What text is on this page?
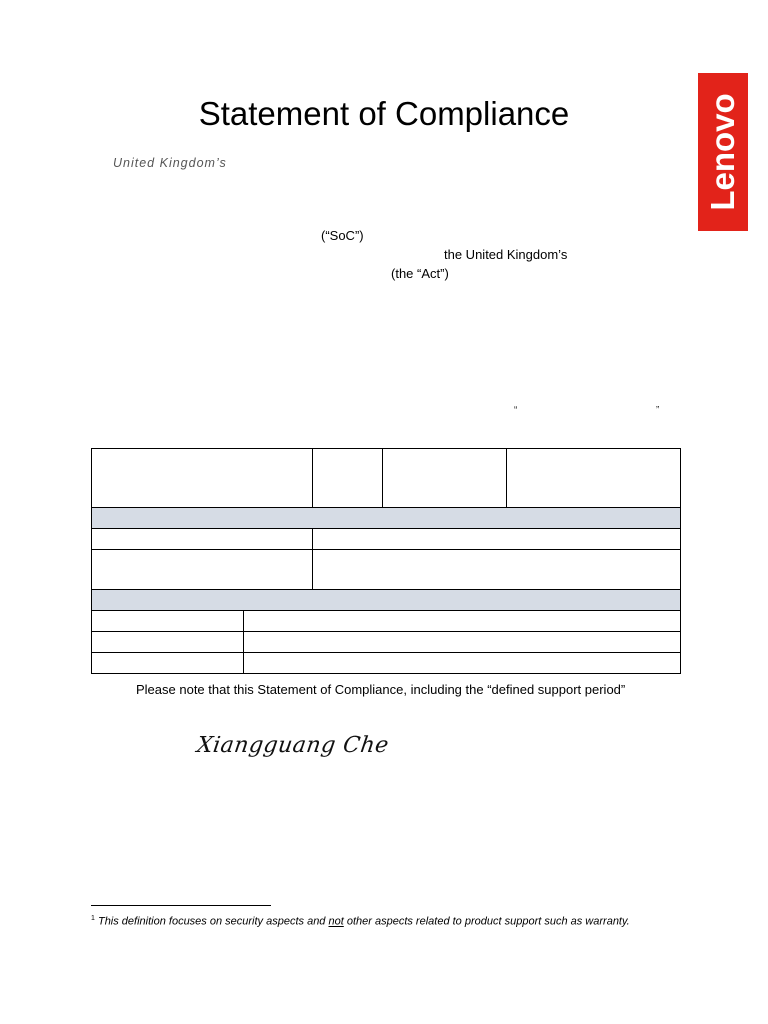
Statement of Compliance
United Kingdom’s	Lenovo
(“SoC”)
the United Kingdom’s
(the “Act”)
“	”

Please note that this Statement of Compliance, including the “defined support period”
Xiangguang Che
$^1$ This definition focuses on security aspects and not other aspects related to product support such as warranty.
